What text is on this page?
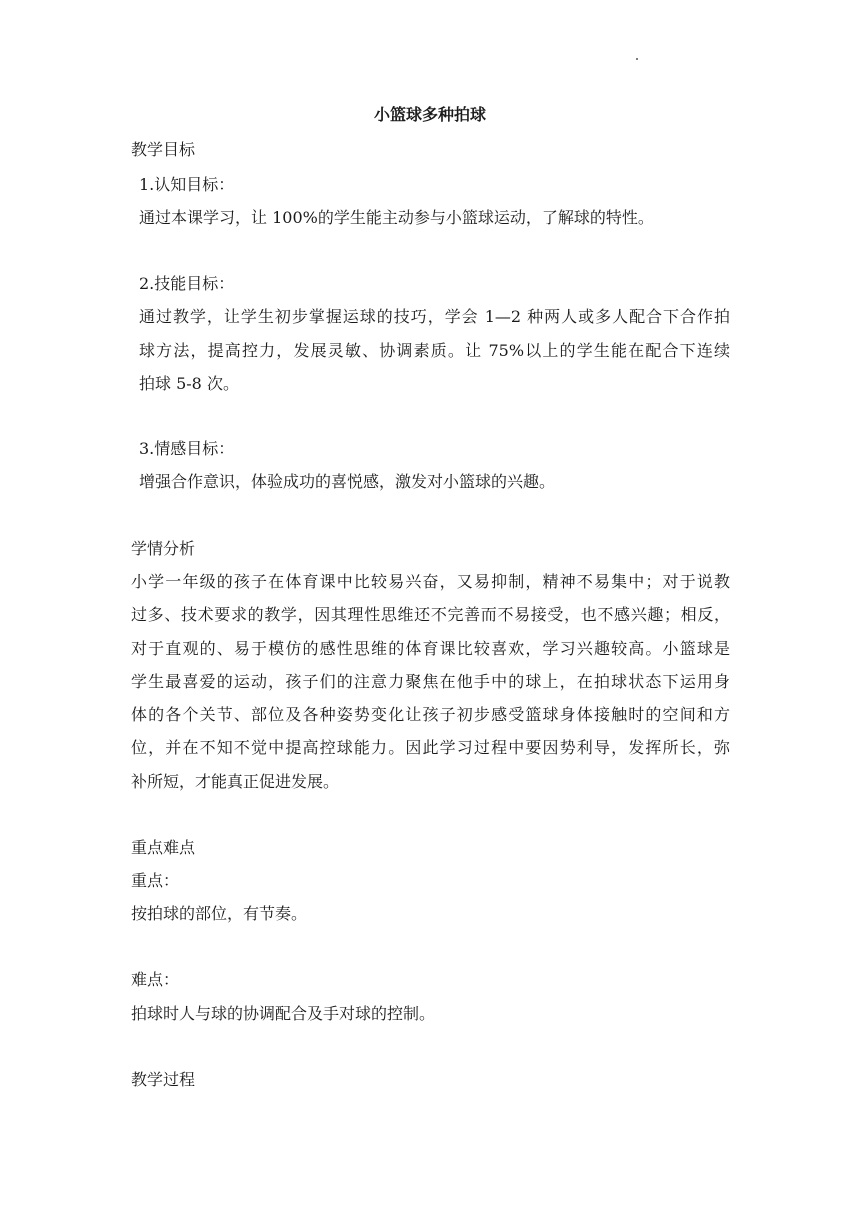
小篮球多种拍球
教学目标
1.认知目标：
通过本课学习，让 100%的学生能主动参与小篮球运动，了解球的特性。
2.技能目标：
通过教学，让学生初步掌握运球的技巧，学会 1—2 种两人或多人配合下合作拍
球方法，提高控力，发展灵敏、协调素质。让 75%以上的学生能在配合下连续
拍球 5-8 次。
3.情感目标：
增强合作意识，体验成功的喜悦感，激发对小篮球的兴趣。
学情分析
小学一年级的孩子在体育课中比较易兴奋，又易抑制，精神不易集中；对于说教
过多、技术要求的教学，因其理性思维还不完善而不易接受，也不感兴趣；相反，
对于直观的、易于模仿的感性思维的体育课比较喜欢，学习兴趣较高。小篮球是
学生最喜爱的运动，孩子们的注意力聚焦在他手中的球上，在拍球状态下运用身
体的各个关节、部位及各种姿势变化让孩子初步感受篮球身体接触时的空间和方
位，并在不知不觉中提高控球能力。因此学习过程中要因势利导，发挥所长，弥
补所短，才能真正促进发展。
重点难点
重点：
按拍球的部位，有节奏。
难点：
拍球时人与球的协调配合及手对球的控制。
教学过程
